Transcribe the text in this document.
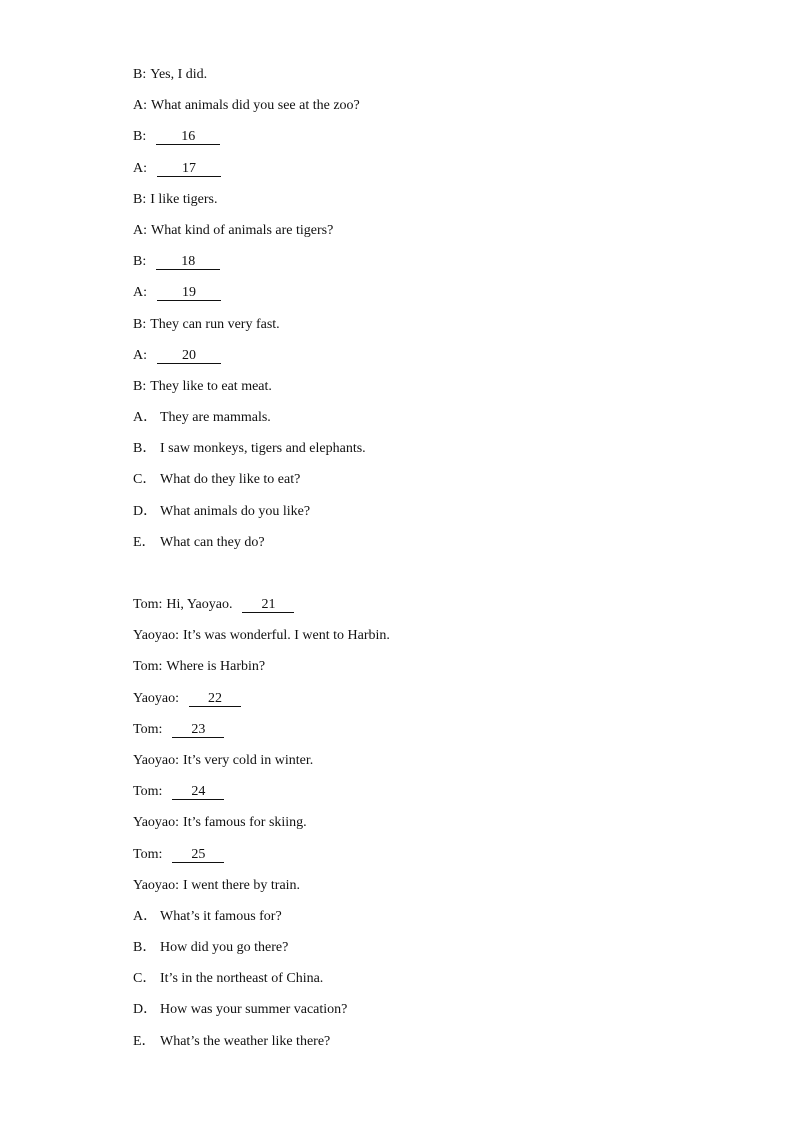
B: Yes, I did.
A: What animals did you see at the zoo?
B:	16
A:	17
B: I like tigers.
A: What kind of animals are tigers?
B:	18
A:	19
B: They can run very fast.
A:	20
B: They like to eat meat.
A． They are mammals.
B． I saw monkeys, tigers and elephants.
C． What do they like to eat?
D． What animals do you like?
E． What can they do?
Tom: Hi, Yaoyao. 21
Yaoyao: It’s was wonderful. I went to Harbin.
Tom: Where is Harbin?
Yaoyao: 22
Tom: 23
Yaoyao: It’s very cold in winter.
Tom: 24
Yaoyao: It’s famous for skiing.
Tom: 25
Yaoyao: I went there by train.
A． What’s it famous for?
B． How did you go there?
C． It’s in the northeast of China.
D． How was your summer vacation?
E． What’s the weather like there?
